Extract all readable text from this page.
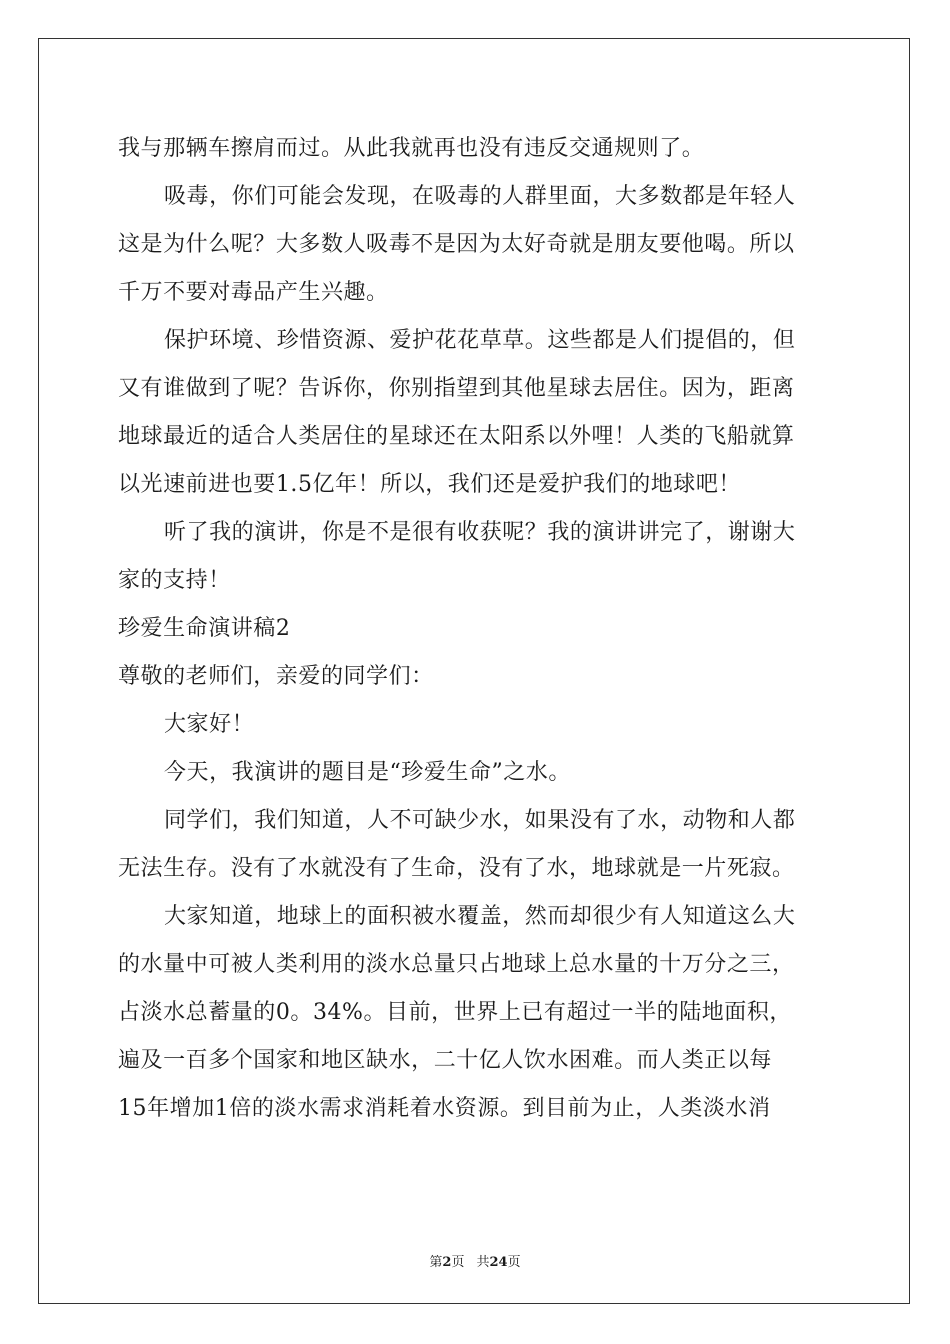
我与那辆车擦肩而过。从此我就再也没有违反交通规则了。
吸毒，你们可能会发现，在吸毒的人群里面，大多数都是年轻人
这是为什么呢？大多数人吸毒不是因为太好奇就是朋友要他喝。所以
千万不要对毒品产生兴趣。
保护环境、珍惜资源、爱护花花草草。这些都是人们提倡的，但
又有谁做到了呢？告诉你，你别指望到其他星球去居住。因为，距离
地球最近的适合人类居住的星球还在太阳系以外哩！人类的飞船就算
以光速前进也要1.5亿年！所以，我们还是爱护我们的地球吧！
听了我的演讲，你是不是很有收获呢？我的演讲讲完了，谢谢大
家的支持！
珍爱生命演讲稿2
尊敬的老师们，亲爱的同学们：
大家好！
今天，我演讲的题目是“珍爱生命”之水。
同学们，我们知道，人不可缺少水，如果没有了水，动物和人都
无法生存。没有了水就没有了生命，没有了水，地球就是一片死寂。
大家知道，地球上的面积被水覆盖，然而却很少有人知道这么大
的水量中可被人类利用的淡水总量只占地球上总水量的十万分之三，
占淡水总蓄量的0。34%。目前，世界上已有超过一半的陆地面积，
遍及一百多个国家和地区缺水，二十亿人饮水困难。而人类正以每
15年增加1倍的淡水需求消耗着水资源。到目前为止，人类淡水消
第2页 共24页
